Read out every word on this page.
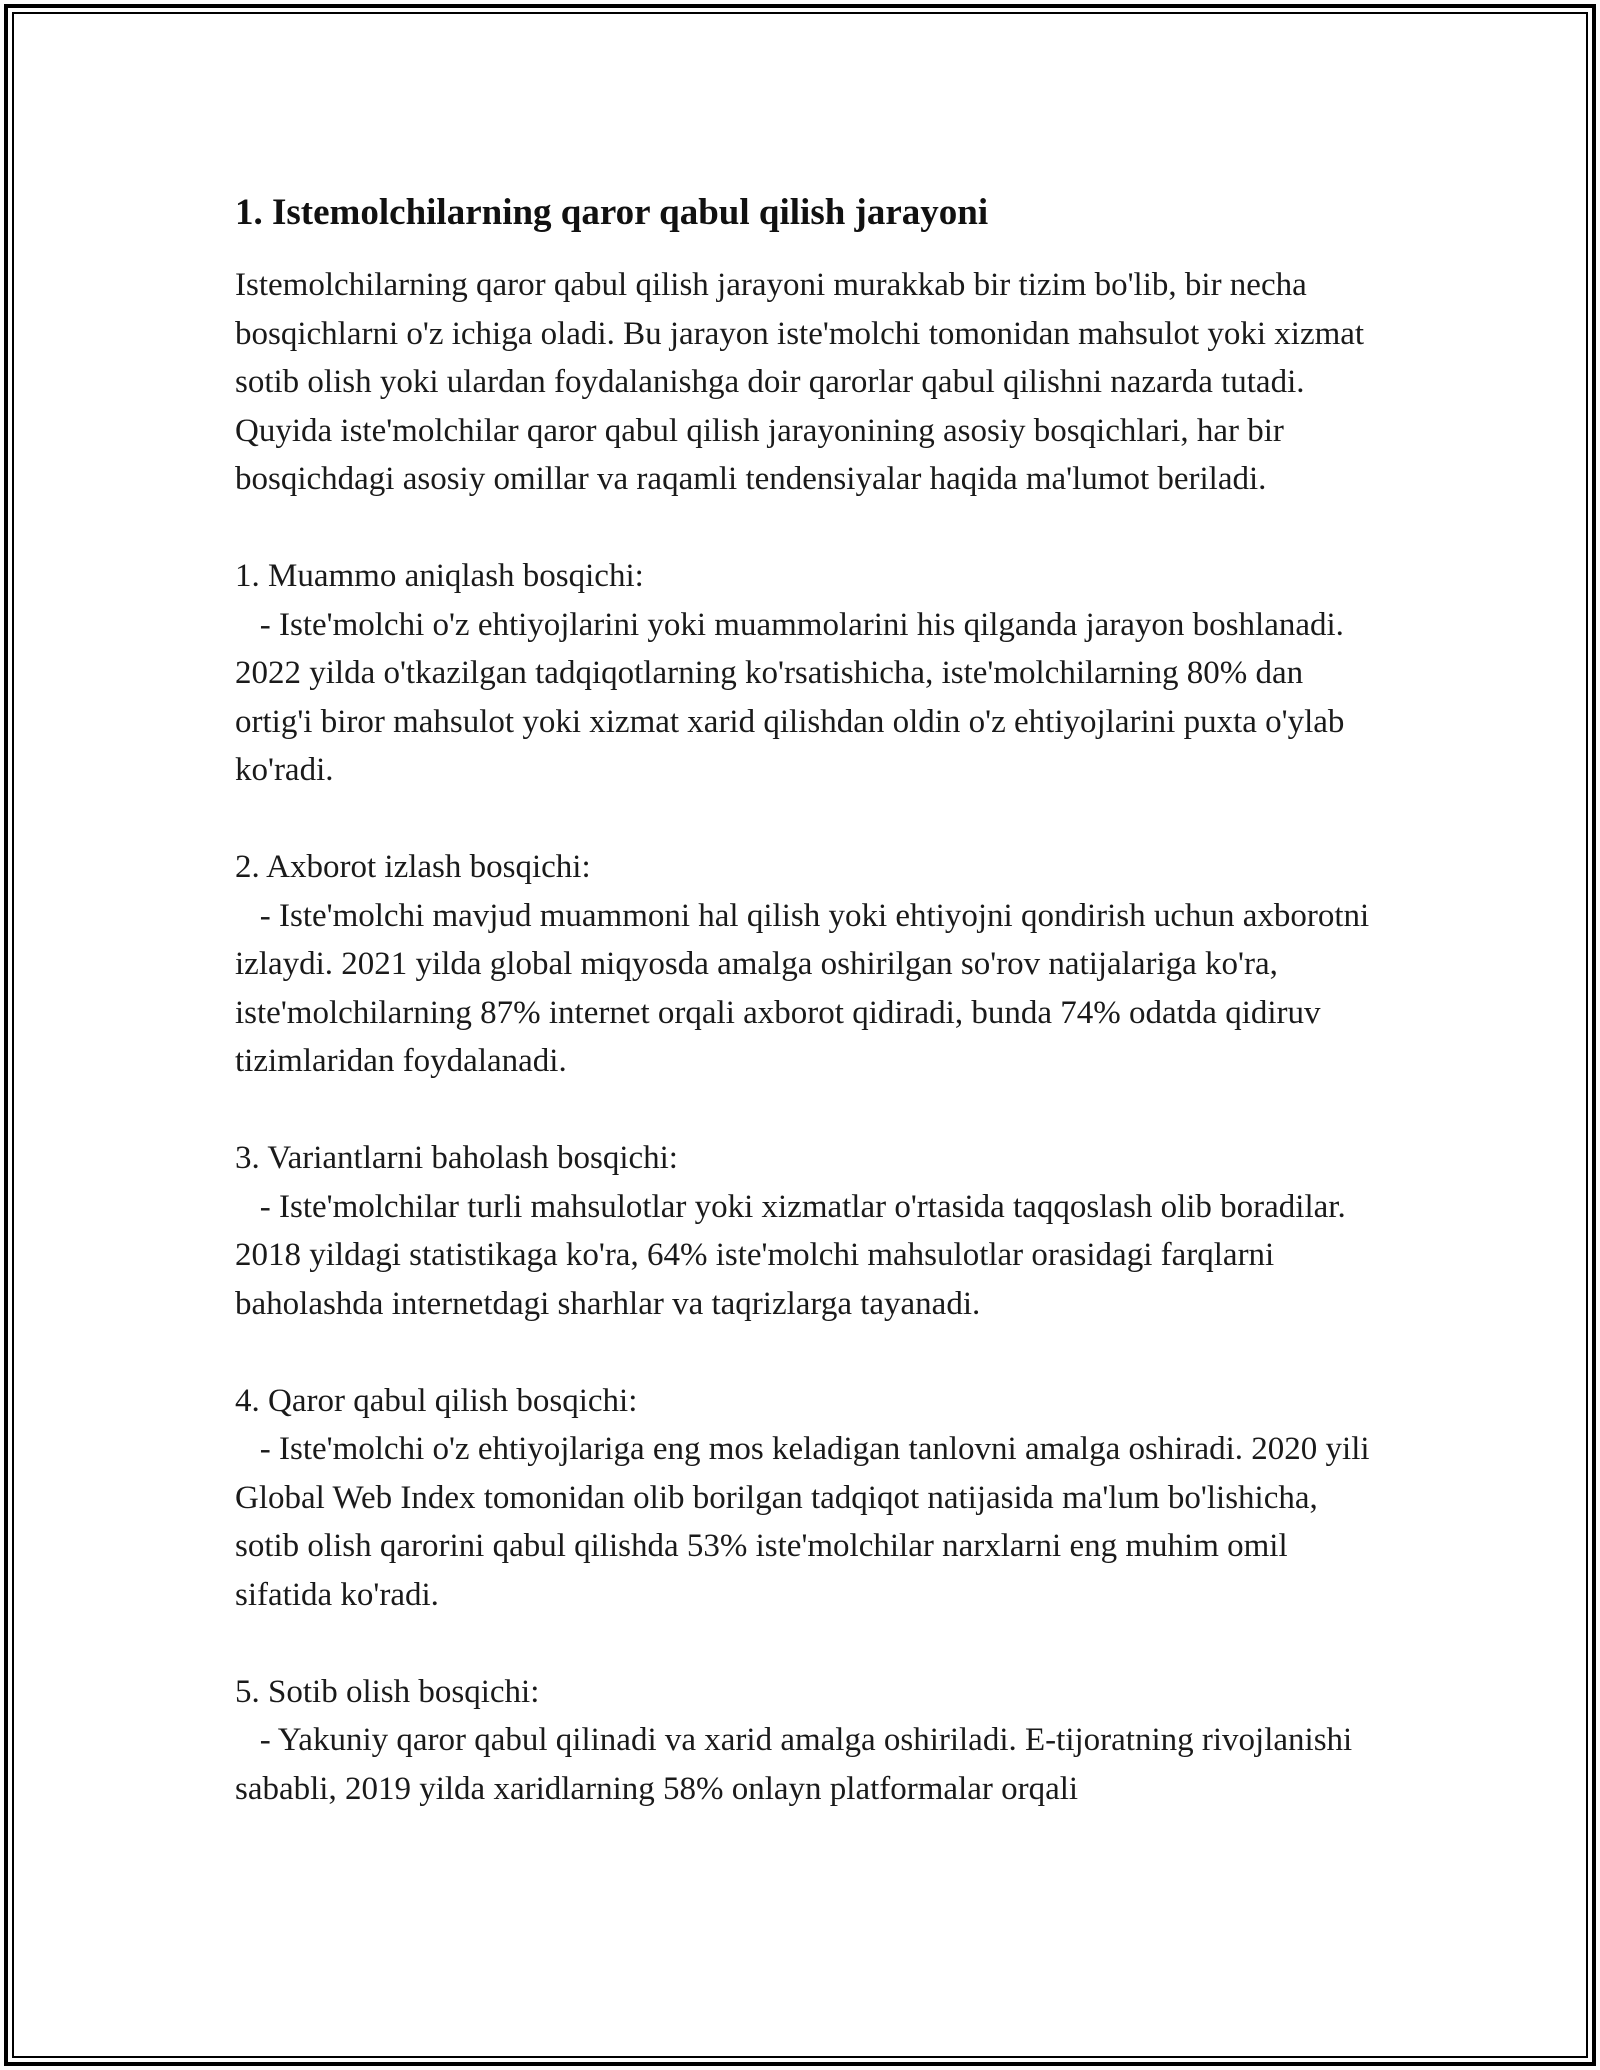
1. Istemolchilarning qaror qabul qilish jarayoni

Istemolchilarning qaror qabul qilish jarayoni murakkab bir tizim bo'lib, bir necha bosqichlarni o'z ichiga oladi. Bu jarayon iste'molchi tomonidan mahsulot yoki xizmat sotib olish yoki ulardan foydalanishga doir qarorlar qabul qilishni nazarda tutadi. Quyida iste'molchilar qaror qabul qilish jarayonining asosiy bosqichlari, har bir bosqichdagi asosiy omillar va raqamli tendensiyalar haqida ma'lumot beriladi.

1. Muammo aniqlash bosqichi:

- Iste'molchi o'z ehtiyojlarini yoki muammolarini his qilganda jarayon boshlanadi. 2022 yilda o'tkazilgan tadqiqotlarning ko'rsatishicha, iste'molchilarning 80% dan ortig'i biror mahsulot yoki xizmat xarid qilishdan oldin o'z ehtiyojlarini puxta o'ylab ko'radi.

2. Axborot izlash bosqichi:

- Iste'molchi mavjud muammoni hal qilish yoki ehtiyojni qondirish uchun axborotni izlaydi. 2021 yilda global miqyosda amalga oshirilgan so'rov natijalariga ko'ra, iste'molchilarning 87% internet orqali axborot qidiradi, bunda 74% odatda qidiruv tizimlaridan foydalanadi.

3. Variantlarni baholash bosqichi:

- Iste'molchilar turli mahsulotlar yoki xizmatlar o'rtasida taqqoslash olib boradilar. 2018 yildagi statistikaga ko'ra, 64% iste'molchi mahsulotlar orasidagi farqlarni baholashda internetdagi sharhlar va taqrizlarga tayanadi.

4. Qaror qabul qilish bosqichi:

- Iste'molchi o'z ehtiyojlariga eng mos keladigan tanlovni amalga oshiradi. 2020 yili Global Web Index tomonidan olib borilgan tadqiqot natijasida ma'lum bo'lishicha, sotib olish qarorini qabul qilishda 53% iste'molchilar narxlarni eng muhim omil sifatida ko'radi.

5. Sotib olish bosqichi:

- Yakuniy qaror qabul qilinadi va xarid amalga oshiriladi. E-tijoratning rivojlanishi sababli, 2019 yilda xaridlarning 58% onlayn platformalar orqali
